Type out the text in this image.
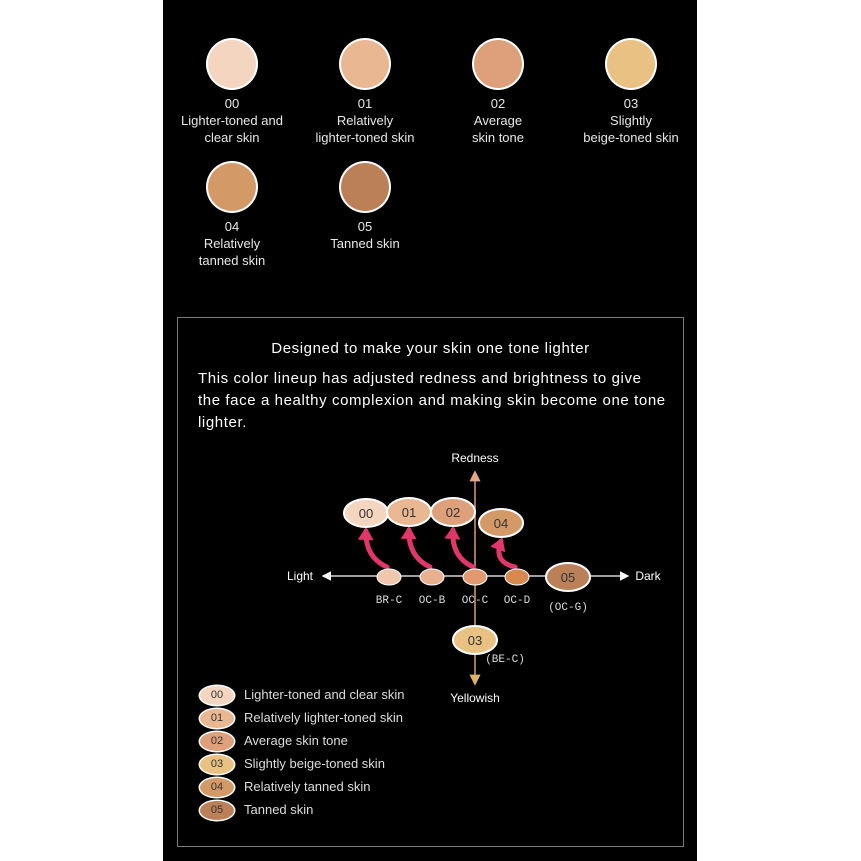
00
Lighter-toned and
clear skin
01
Relatively
lighter-toned skin
02
Average
skin tone
03
Slightly
beige-toned skin
04
Relatively
tanned skin
05
Tanned skin
Designed to make your skin one tone lighter
This color lineup has adjusted redness and brightness to give the face a healthy complexion and making skin become one tone lighter.
Redness
Yellowish
Light	Dark
BR-C OC-B OC-C OC-D
00 01 02
04
05
(OC-G)
03
(BE-C)
00	Lighter-toned and clear skin
01	Relatively lighter-toned skin
02	Average skin tone
03	Slightly beige-toned skin
04	Relatively tanned skin
05	Tanned skin
